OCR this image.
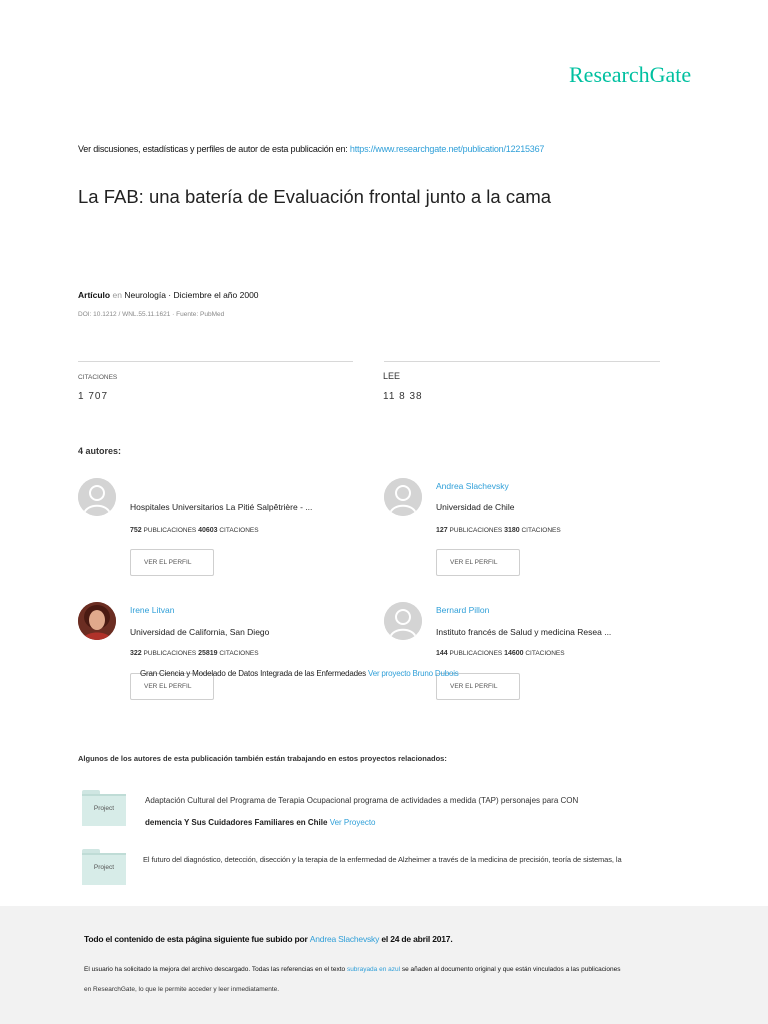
ResearchGate
Ver discusiones, estadísticas y perfiles de autor de esta publicación en: https://www.researchgate.net/publication/12215367
La FAB: una batería de Evaluación frontal junto a la cama
Artículo en Neurología · Diciembre el año 2000
DOI: 10.1212 / WNL.55.11.1621 · Fuente: PubMed
CITACIONES
1 707
LEE
11 8 38
4 autores:
Hospitales Universitarios La Pitié Salpêtrière - ...
752 PUBLICACIONES 40603 CITACIONES
VER EL PERFIL
Andrea Slachevsky
Universidad de Chile
127 PUBLICACIONES 3180 CITACIONES
VER EL PERFIL
Irene Litvan
Universidad de California, San Diego
322 PUBLICACIONES 25819 CITACIONES
VER EL PERFIL
Bernard Pillon
Instituto francés de Salud y medicina Resea ...
144 PUBLICACIONES 14600 CITACIONES
VER EL PERFIL
Gran Ciencia y Modelado de Datos Integrada de las Enfermedades Ver proyecto Bruno Dubois
Algunos de los autores de esta publicación también están trabajando en estos proyectos relacionados:
Project
Adaptación Cultural del Programa de Terapia Ocupacional programa de actividades a medida (TAP) personajes para CON
demencia Y Sus Cuidadores Familiares en Chile Ver Proyecto
Project
El futuro del diagnóstico, detección, disección y la terapia de la enfermedad de Alzheimer a través de la medicina de precisión, teoría de sistemas, la
Todo el contenido de esta página siguiente fue subido por Andrea Slachevsky el 24 de abril 2017.
El usuario ha solicitado la mejora del archivo descargado. Todas las referencias en el texto subrayada en azul se añaden al documento original y que están vinculados a las publicaciones
en ResearchGate, lo que le permite acceder y leer inmediatamente.
